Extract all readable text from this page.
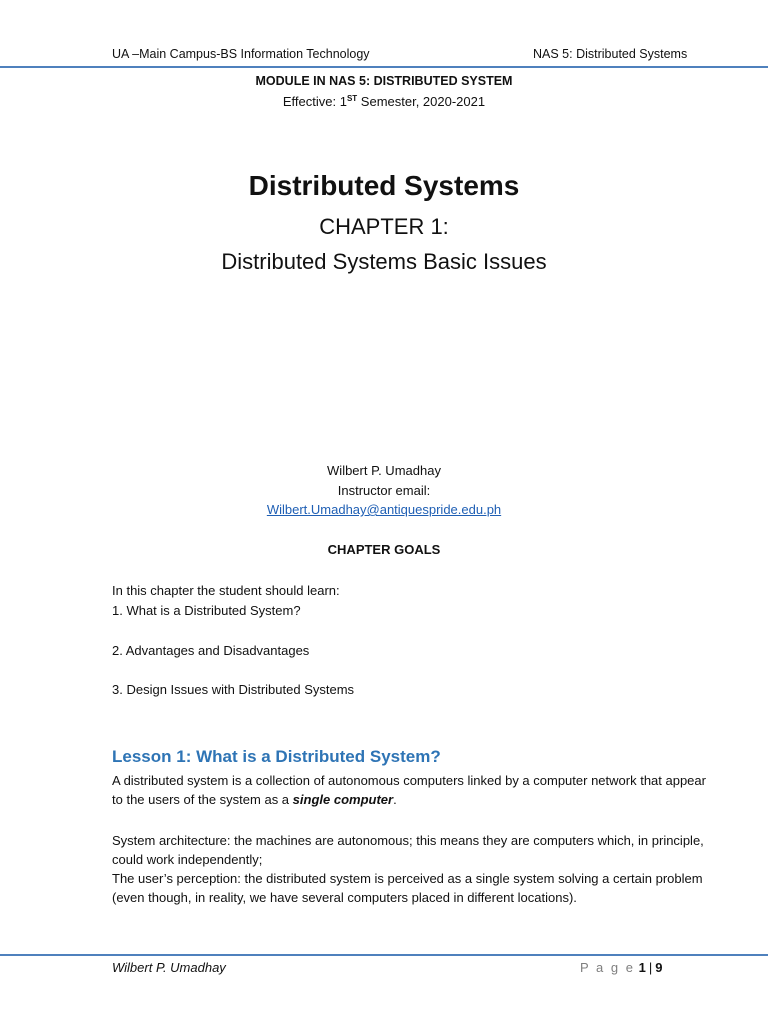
UA –Main Campus-BS Information Technology	NAS 5: Distributed Systems
MODULE IN NAS 5: DISTRIBUTED SYSTEM
Effective: 1ST Semester, 2020-2021
Distributed Systems
CHAPTER 1:
Distributed Systems Basic Issues
Wilbert P. Umadhay
Instructor email:
Wilbert.Umadhay@antiquespride.edu.ph
CHAPTER GOALS
In this chapter the student should learn:
1. What is a Distributed System?
2. Advantages and Disadvantages
3. Design Issues with Distributed Systems
Lesson 1: What is a Distributed System?
A distributed system is a collection of autonomous computers linked by a computer network that appear to the users of the system as a single computer.
System architecture: the machines are autonomous; this means they are computers which, in principle, could work independently;
The user’s perception: the distributed system is perceived as a single system solving a certain problem (even though, in reality, we have several computers placed in different locations).
Wilbert P. Umadhay	P a g e 1 | 9
